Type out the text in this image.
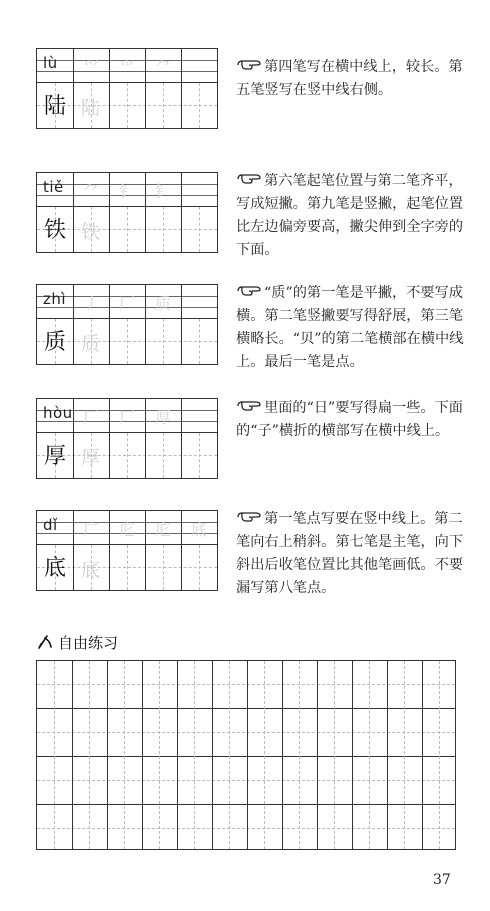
lù ⺍ ⺌ ⺈
陆 陆
第四笔写在横中线上，较长。第五笔竖写在竖中线右侧。
tiě ⺈ 钅 钅
铁 铁
第六笔起笔位置与第二笔齐平，写成短撇。第九笔是竖撇，起笔位置比左边偏旁要高，撇尖伸到全字旁的下面。
zhì 丿 厂 质
质 质
“质”的第一笔是平撇，不要写成横。第二笔竖撇要写得舒展，第三笔横略长。“贝”的第二笔横部在横中线上。最后一笔是点。
hòu 厂 厂 厚
厚 厚
里面的“日”要写得扁一些。下面的“子”横折的横部写在横中线上。
dǐ 广 庀 庀 底
底 底
第一笔点写要在竖中线上。第二笔向右上稍斜。第七笔是主笔，向下斜出后收笔位置比其他笔画低。不要漏写第八笔点。
自由练习
37
